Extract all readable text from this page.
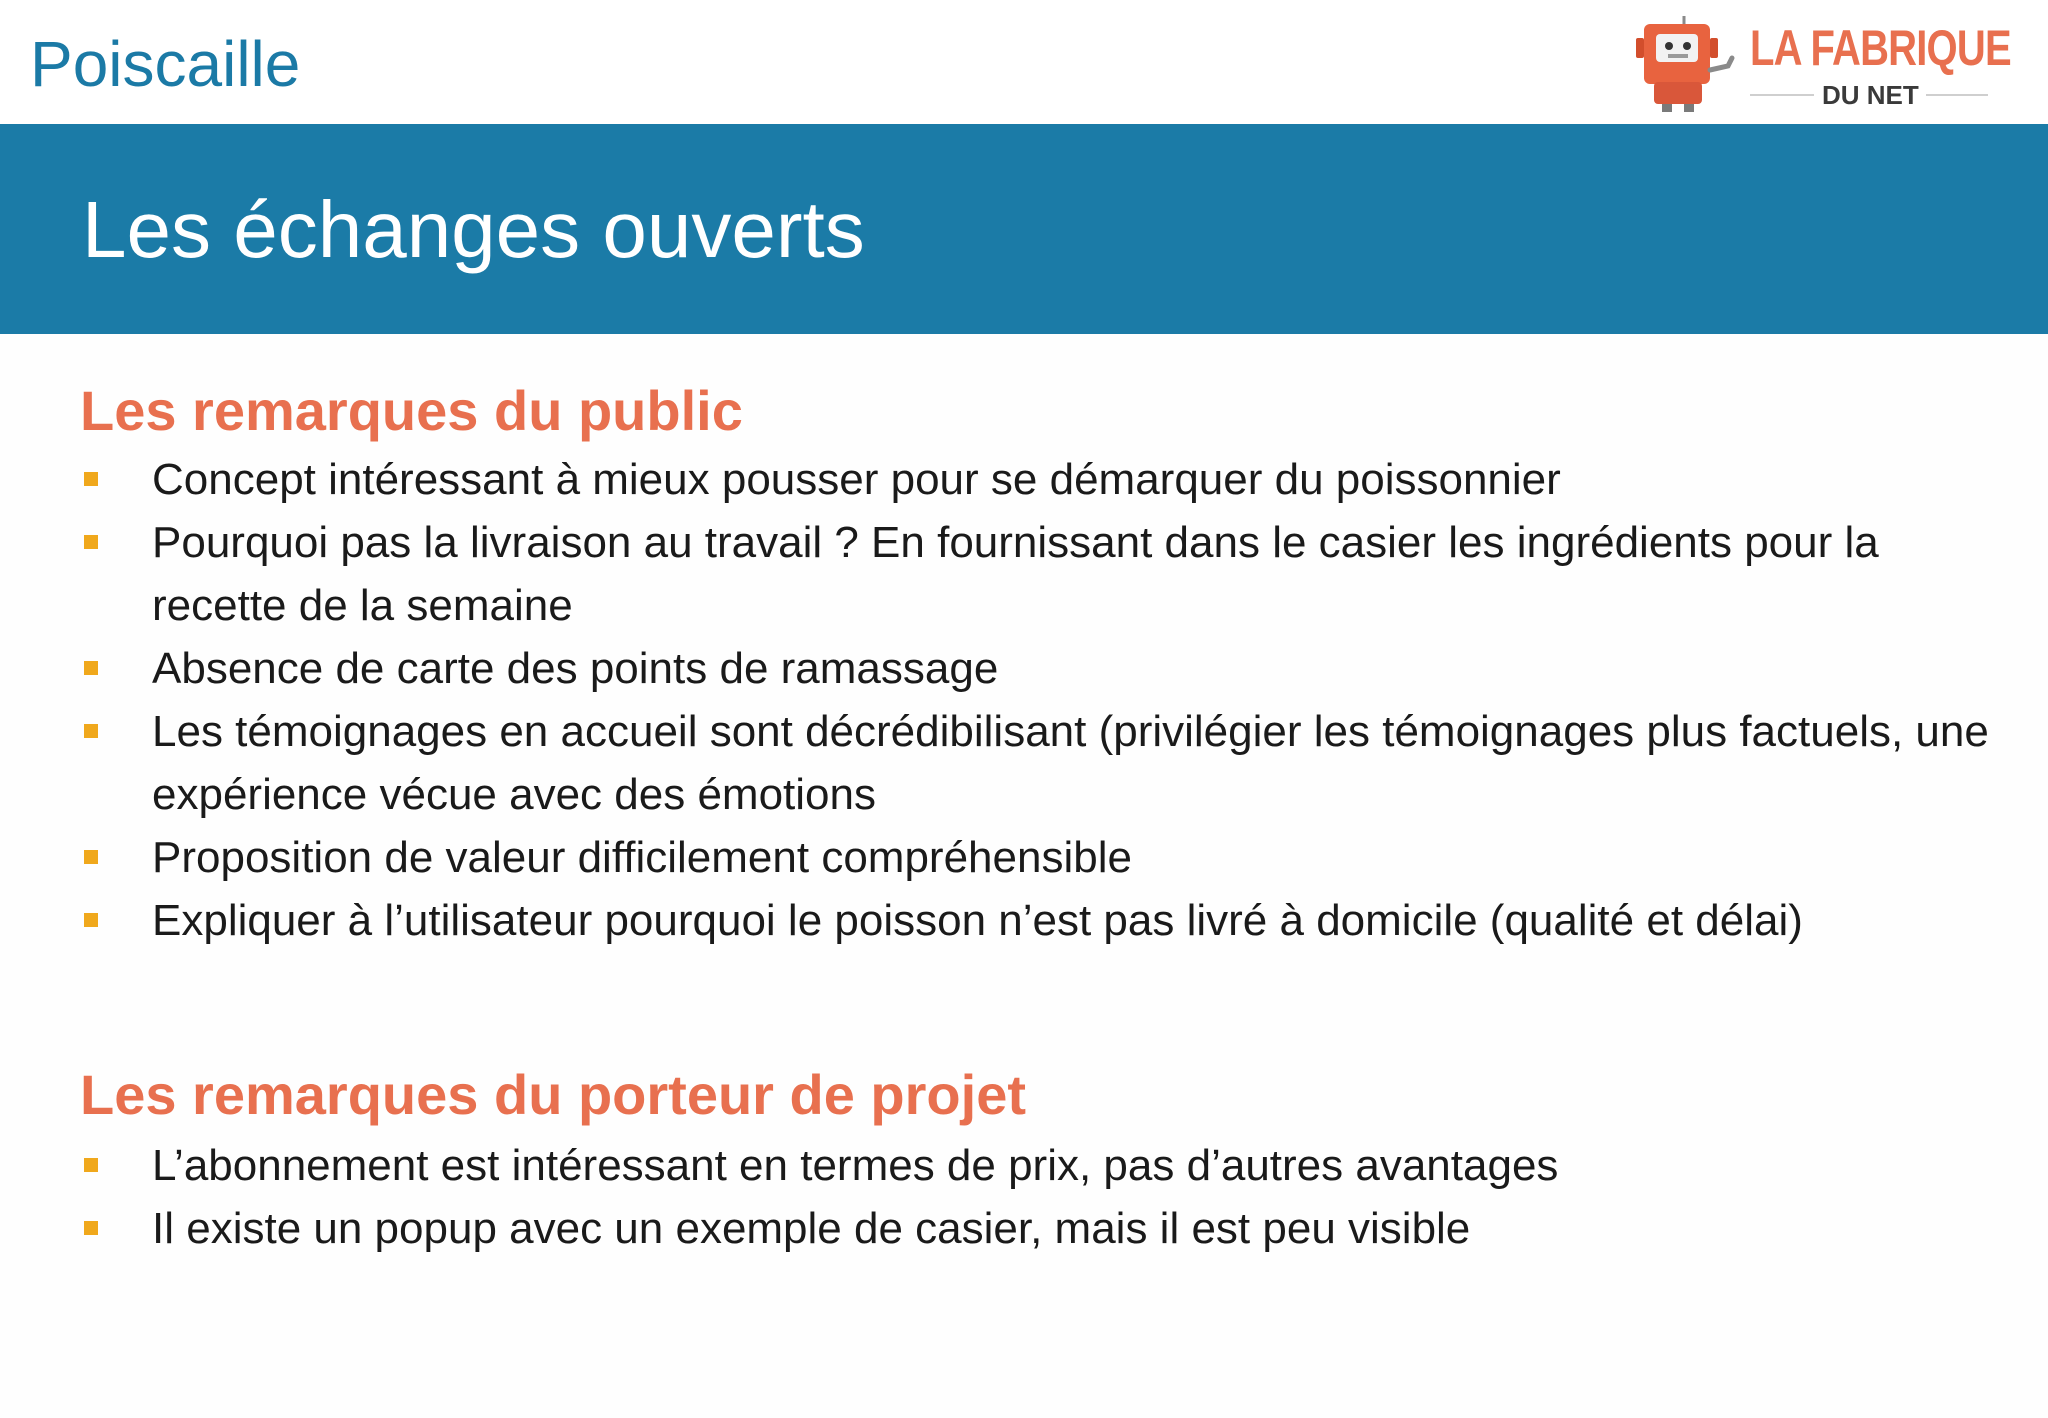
Poiscaille	LA FABRIQUE
DU NET
Les échanges ouverts
Les remarques du public
Concept intéressant à mieux pousser pour se démarquer du poissonnier
Pourquoi pas la livraison au travail ? En fournissant dans le casier les ingrédients pour la recette de la semaine
Absence de carte des points de ramassage
Les témoignages en accueil sont décrédibilisant (privilégier les témoignages plus factuels, une expérience vécue avec des émotions
Proposition de valeur difficilement compréhensible
Expliquer à l’utilisateur pourquoi le poisson n’est pas livré à domicile (qualité et délai)
Les remarques du porteur de projet
L’abonnement est intéressant en termes de prix, pas d’autres avantages
Il existe un popup avec un exemple de casier, mais il est peu visible
